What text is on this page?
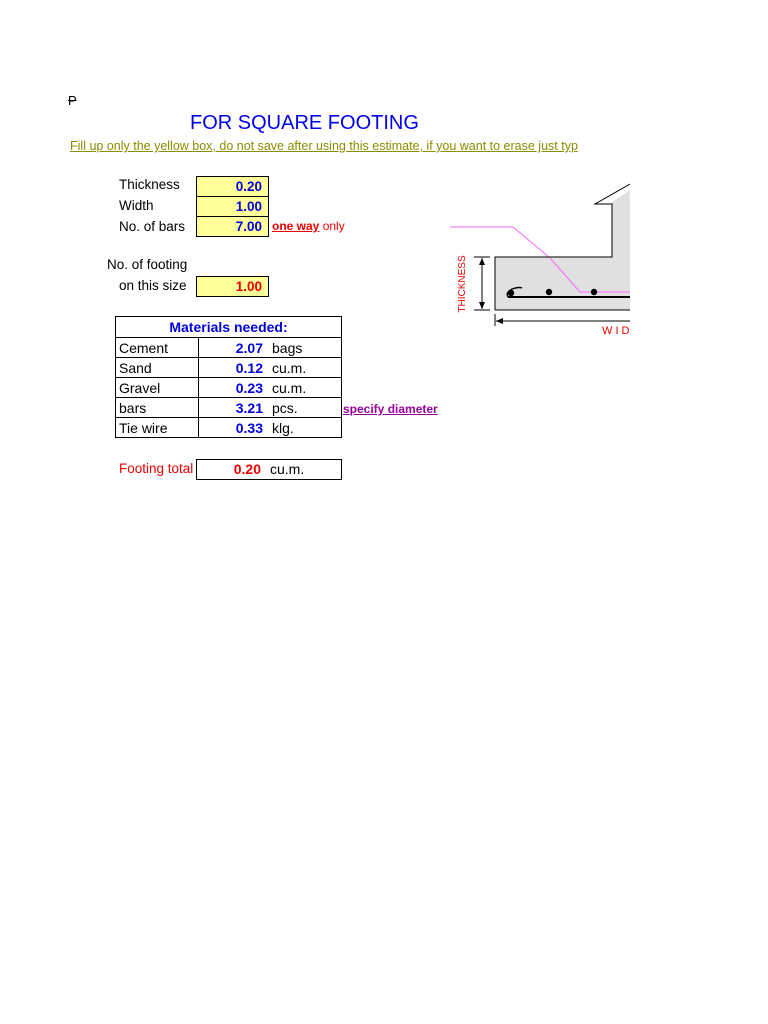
P
FOR SQUARE FOOTING
Fill up only the yellow box, do not save after using this estimate, if you want to erase just typ
Thickness	0.20
Width	1.00
No. of bars	7.00 one way only
No. of footing
on this size	1.00
Materials needed:		
Cement	2.07	bags
Sand	0.12	cu.m.
Gravel	0.23	cu.m.
bars	3.21	pcs.
Tie wire	0.33	klg.
specify diameter
Footing total	0.20 cu.m.
THICKNESS
W I D
